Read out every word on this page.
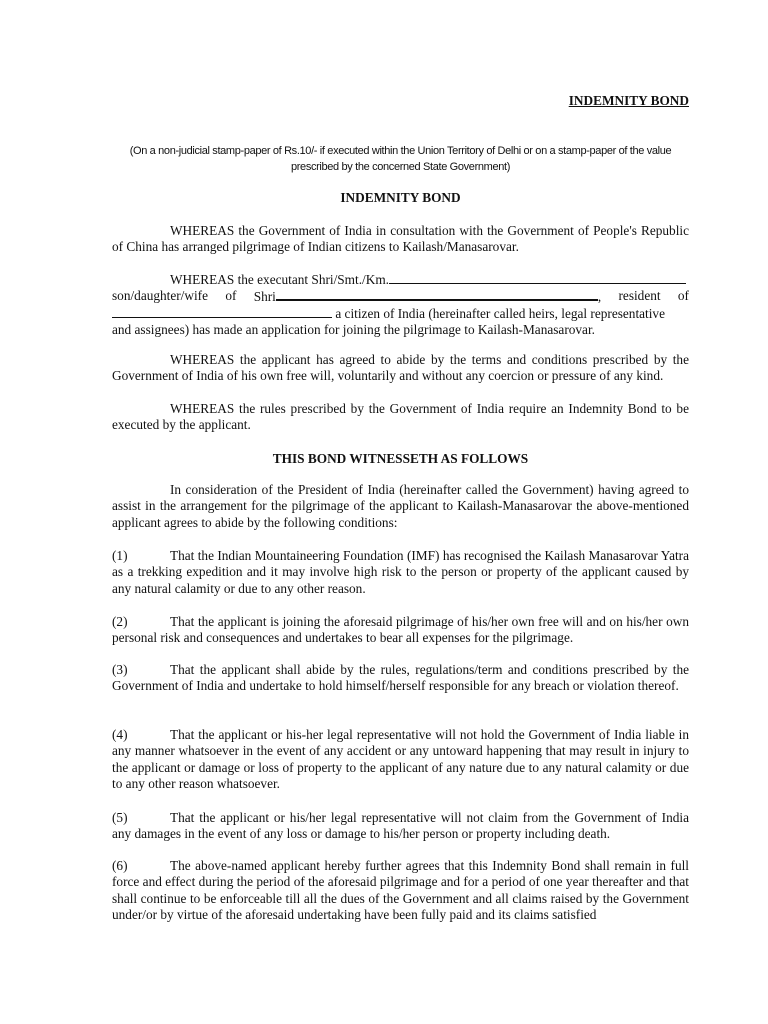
INDEMNITY BOND
(On a non-judicial stamp-paper of Rs.10/- if executed within the Union Territory of Delhi or on a stamp-paper of the value
prescribed by the concerned State Government)
INDEMNITY BOND

WHEREAS the Government of India in consultation with the Government of People's Republic of China has arranged pilgrimage of Indian citizens to Kailash/Manasarovar.

WHEREAS the executant Shri/Smt./Km.
son/daughter/wife of Shri	, resident of
a citizen of India (hereinafter called heirs, legal representative
and assignees) has made an application for joining the pilgrimage to Kailash-Manasarovar.

WHEREAS the applicant has agreed to abide by the terms and conditions prescribed by the Government of India of his own free will, voluntarily and without any coercion or pressure of any kind.

WHEREAS the rules prescribed by the Government of India require an Indemnity Bond to be executed by the applicant.

THIS BOND WITNESSETH AS FOLLOWS

In consideration of the President of India (hereinafter called the Government) having agreed to assist in the arrangement for the pilgrimage of the applicant to Kailash-Manasarovar the above-mentioned applicant agrees to abide by the following conditions:

(1)	That the Indian Mountaineering Foundation (IMF) has recognised the Kailash Manasarovar Yatra as a trekking expedition and it may involve high risk to the person or property of the applicant caused by any natural calamity or due to any other reason.

(2)	That the applicant is joining the aforesaid pilgrimage of his/her own free will and on his/her own personal risk and consequences and undertakes to bear all expenses for the pilgrimage.

(3)	That the applicant shall abide by the rules, regulations/term and conditions prescribed by the Government of India and undertake to hold himself/herself responsible for any breach or violation thereof.

(4)	That the applicant or his-her legal representative will not hold the Government of India liable in any manner whatsoever in the event of any accident or any untoward happening that may result in injury to the applicant or damage or loss of property to the applicant of any nature due to any natural calamity or due to any other reason whatsoever.

(5)	That the applicant or his/her legal representative will not claim from the Government of India any damages in the event of any loss or damage to his/her person or property including death.

(6)	The above-named applicant hereby further agrees that this Indemnity Bond shall remain in full force and effect during the period of the aforesaid pilgrimage and for a period of one year thereafter and that shall continue to be enforceable till all the dues of the Government and all claims raised by the Government under/or by virtue of the aforesaid undertaking have been fully paid and its claims satisfied
